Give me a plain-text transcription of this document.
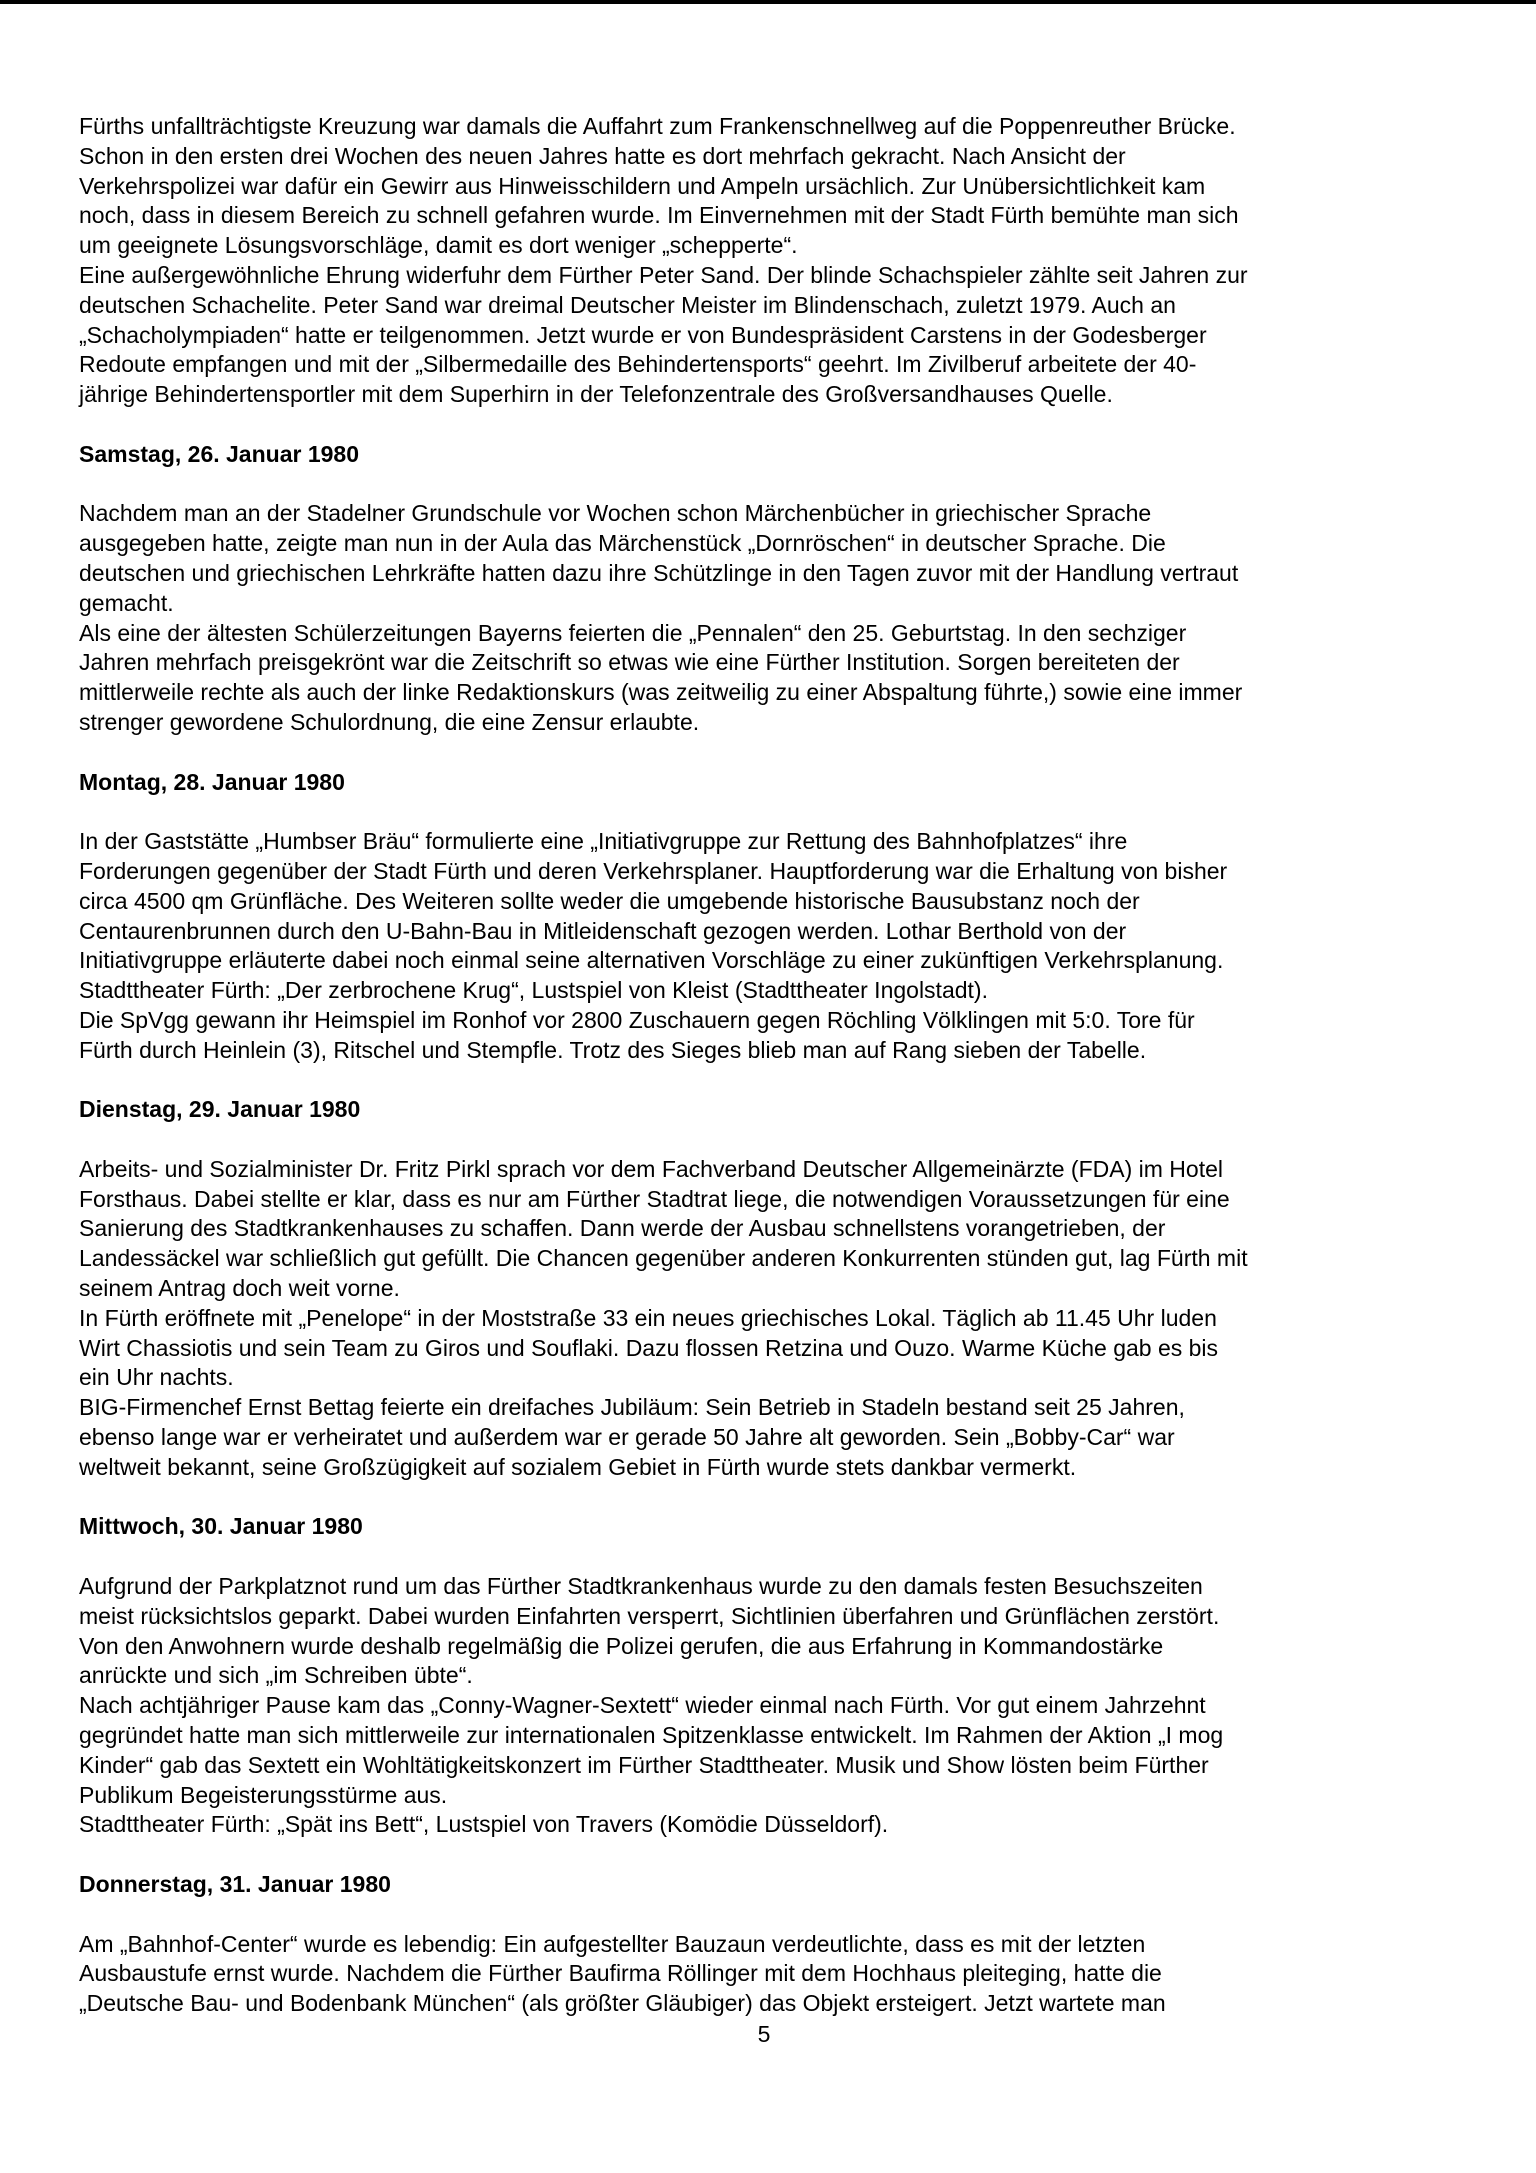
Fürths unfallträchtigste Kreuzung war damals die Auffahrt zum Frankenschnellweg auf die Poppenreuther Brücke.
Schon in den ersten drei Wochen des neuen Jahres hatte es dort mehrfach gekracht. Nach Ansicht der
Verkehrspolizei war dafür ein Gewirr aus Hinweisschildern und Ampeln ursächlich. Zur Unübersichtlichkeit kam
noch, dass in diesem Bereich zu schnell gefahren wurde. Im Einvernehmen mit der Stadt Fürth bemühte man sich
um geeignete Lösungsvorschläge, damit es dort weniger „schepperte“.
Eine außergewöhnliche Ehrung widerfuhr dem Fürther Peter Sand. Der blinde Schachspieler zählte seit Jahren zur
deutschen Schachelite. Peter Sand war dreimal Deutscher Meister im Blindenschach, zuletzt 1979. Auch an
„Schacholympiaden“ hatte er teilgenommen. Jetzt wurde er von Bundespräsident Carstens in der Godesberger
Redoute empfangen und mit der „Silbermedaille des Behindertensports“ geehrt. Im Zivilberuf arbeitete der 40-
jährige Behindertensportler mit dem Superhirn in der Telefonzentrale des Großversandhauses Quelle.
Samstag, 26. Januar 1980
Nachdem man an der Stadelner Grundschule vor Wochen schon Märchenbücher in griechischer Sprache
ausgegeben hatte, zeigte man nun in der Aula das Märchenstück „Dornröschen“ in deutscher Sprache. Die
deutschen und griechischen Lehrkräfte hatten dazu ihre Schützlinge in den Tagen zuvor mit der Handlung vertraut
gemacht.
Als eine der ältesten Schülerzeitungen Bayerns feierten die „Pennalen“ den 25. Geburtstag. In den sechziger
Jahren mehrfach preisgekrönt war die Zeitschrift so etwas wie eine Fürther Institution. Sorgen bereiteten der
mittlerweile rechte als auch der linke Redaktionskurs (was zeitweilig zu einer Abspaltung führte,) sowie eine immer
strenger gewordene Schulordnung, die eine Zensur erlaubte.
Montag, 28. Januar 1980
In der Gaststätte „Humbser Bräu“ formulierte eine „Initiativgruppe zur Rettung des Bahnhofplatzes“ ihre
Forderungen gegenüber der Stadt Fürth und deren Verkehrsplaner. Hauptforderung war die Erhaltung von bisher
circa 4500 qm Grünfläche. Des Weiteren sollte weder die umgebende historische Bausubstanz noch der
Centaurenbrunnen durch den U-Bahn-Bau in Mitleidenschaft gezogen werden. Lothar Berthold von der
Initiativgruppe erläuterte dabei noch einmal seine alternativen Vorschläge zu einer zukünftigen Verkehrsplanung.
Stadttheater Fürth: „Der zerbrochene Krug“, Lustspiel von Kleist (Stadttheater Ingolstadt).
Die SpVgg gewann ihr Heimspiel im Ronhof vor 2800 Zuschauern gegen Röchling Völklingen mit 5:0. Tore für
Fürth durch Heinlein (3), Ritschel und Stempfle. Trotz des Sieges blieb man auf Rang sieben der Tabelle.
Dienstag, 29. Januar 1980
Arbeits- und Sozialminister Dr. Fritz Pirkl sprach vor dem Fachverband Deutscher Allgemeinärzte (FDA) im Hotel
Forsthaus. Dabei stellte er klar, dass es nur am Fürther Stadtrat liege, die notwendigen Voraussetzungen für eine
Sanierung des Stadtkrankenhauses zu schaffen. Dann werde der Ausbau schnellstens vorangetrieben, der
Landessäckel war schließlich gut gefüllt. Die Chancen gegenüber anderen Konkurrenten stünden gut, lag Fürth mit
seinem Antrag doch weit vorne.
In Fürth eröffnete mit „Penelope“ in der Moststraße 33 ein neues griechisches Lokal. Täglich ab 11.45 Uhr luden
Wirt Chassiotis und sein Team zu Giros und Souflaki. Dazu flossen Retzina und Ouzo. Warme Küche gab es bis
ein Uhr nachts.
BIG-Firmenchef Ernst Bettag feierte ein dreifaches Jubiläum: Sein Betrieb in Stadeln bestand seit 25 Jahren,
ebenso lange war er verheiratet und außerdem war er gerade 50 Jahre alt geworden. Sein „Bobby-Car“ war
weltweit bekannt, seine Großzügigkeit auf sozialem Gebiet in Fürth wurde stets dankbar vermerkt.
Mittwoch, 30. Januar 1980
Aufgrund der Parkplatznot rund um das Fürther Stadtkrankenhaus wurde zu den damals festen Besuchszeiten
meist rücksichtslos geparkt. Dabei wurden Einfahrten versperrt, Sichtlinien überfahren und Grünflächen zerstört.
Von den Anwohnern wurde deshalb regelmäßig die Polizei gerufen, die aus Erfahrung in Kommandostärke
anrückte und sich „im Schreiben übte“.
Nach achtjähriger Pause kam das „Conny-Wagner-Sextett“ wieder einmal nach Fürth. Vor gut einem Jahrzehnt
gegründet hatte man sich mittlerweile zur internationalen Spitzenklasse entwickelt. Im Rahmen der Aktion „I mog
Kinder“ gab das Sextett ein Wohltätigkeitskonzert im Fürther Stadttheater. Musik und Show lösten beim Fürther
Publikum Begeisterungsstürme aus.
Stadttheater Fürth: „Spät ins Bett“, Lustspiel von Travers (Komödie Düsseldorf).
Donnerstag, 31. Januar 1980
Am „Bahnhof-Center“ wurde es lebendig: Ein aufgestellter Bauzaun verdeutlichte, dass es mit der letzten
Ausbaustufe ernst wurde. Nachdem die Fürther Baufirma Röllinger mit dem Hochhaus pleiteging, hatte die
„Deutsche Bau- und Bodenbank München“ (als größter Gläubiger) das Objekt ersteigert. Jetzt wartete man
5
